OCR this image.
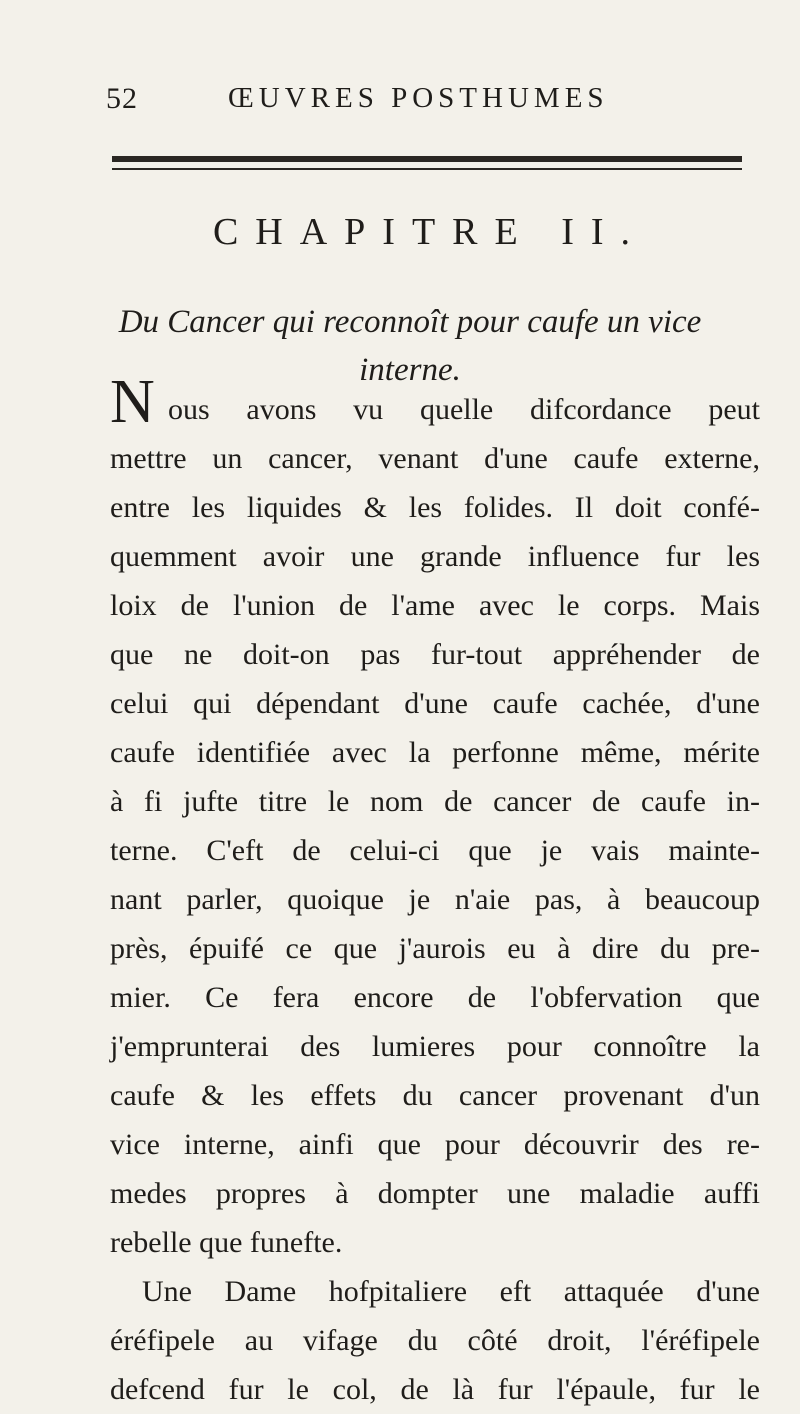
52	ŒUVRES POSTHUMES
CHAPITRE II.
Du Cancer qui reconnoît pour caufe un vice
interne.
N ous avons vu quelle difcordance peut
mettre un cancer, venant d'une caufe externe,
entre les liquides & les folides. Il doit confé-
quemment avoir une grande influence fur les
loix de l'union de l'ame avec le corps. Mais
que ne doit-on pas fur-tout appréhender de
celui qui dépendant d'une caufe cachée, d'une
caufe identifiée avec la perfonne même, mérite
à fi jufte titre le nom de cancer de caufe in-
terne. C'eft de celui-ci que je vais mainte-
nant parler, quoique je n'aie pas, à beaucoup
près, épuifé ce que j'aurois eu à dire du pre-
mier. Ce fera encore de l'obfervation que
j'emprunterai des lumieres pour connoître la
caufe & les effets du cancer provenant d'un
vice interne, ainfi que pour découvrir des re-
medes propres à dompter une maladie auffi
rebelle que funefte.
Une Dame hofpitaliere eft attaquée d'une
éréfipele au vifage du côté droit, l'éréfipele
defcend fur le col, de là fur l'épaule, fur le
